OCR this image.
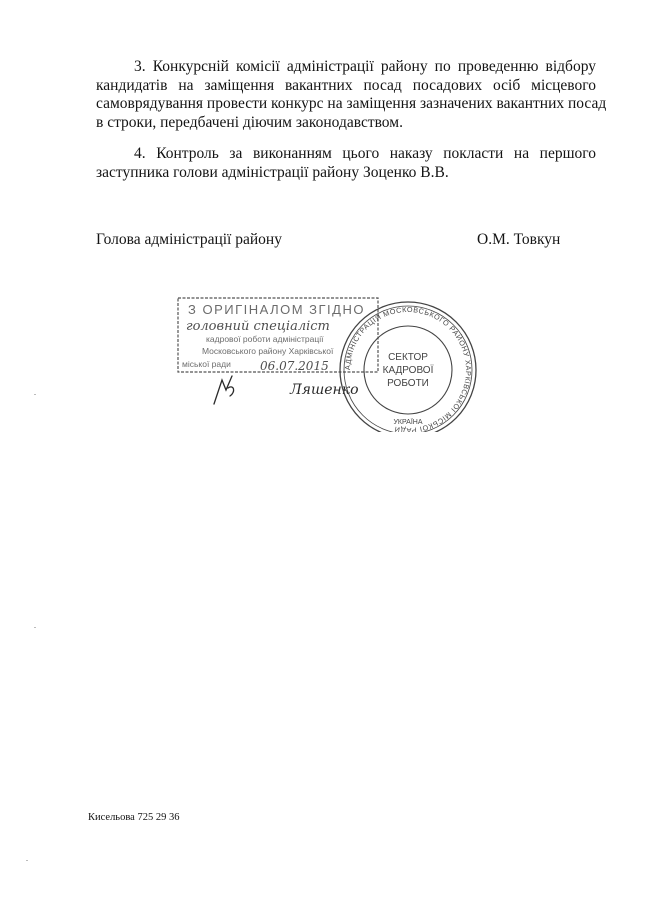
3. Конкурсній комісії адміністрації району по проведенню відбору
кандидатів на заміщення вакантних посад посадових осіб місцевого
самоврядування провести конкурс на заміщення зазначених вакантних посад
в строки, передбачені діючим законодавством.
4. Контроль за виконанням цього наказу покласти на першого
заступника голови адміністрації району Зоценко В.В.
Голова адміністрації району	О.М. Товкун
З ОРИГІНАЛОМ ЗГІДНО
головний спеціаліст
кадрової роботи адміністрації
Московського району Харківської
міської ради 06.07.2015
Ляшенко
АДМІНІСТРАЦІЯ МОСКОВСЬКОГО РАЙОНУ ХАРКІВСЬКОЇ МІСЬКОЇ РАДИ
СЕКТОР
КАДРОВОЇ
РОБОТИ
УКРАЇНА
Кисельова 725 29 36
